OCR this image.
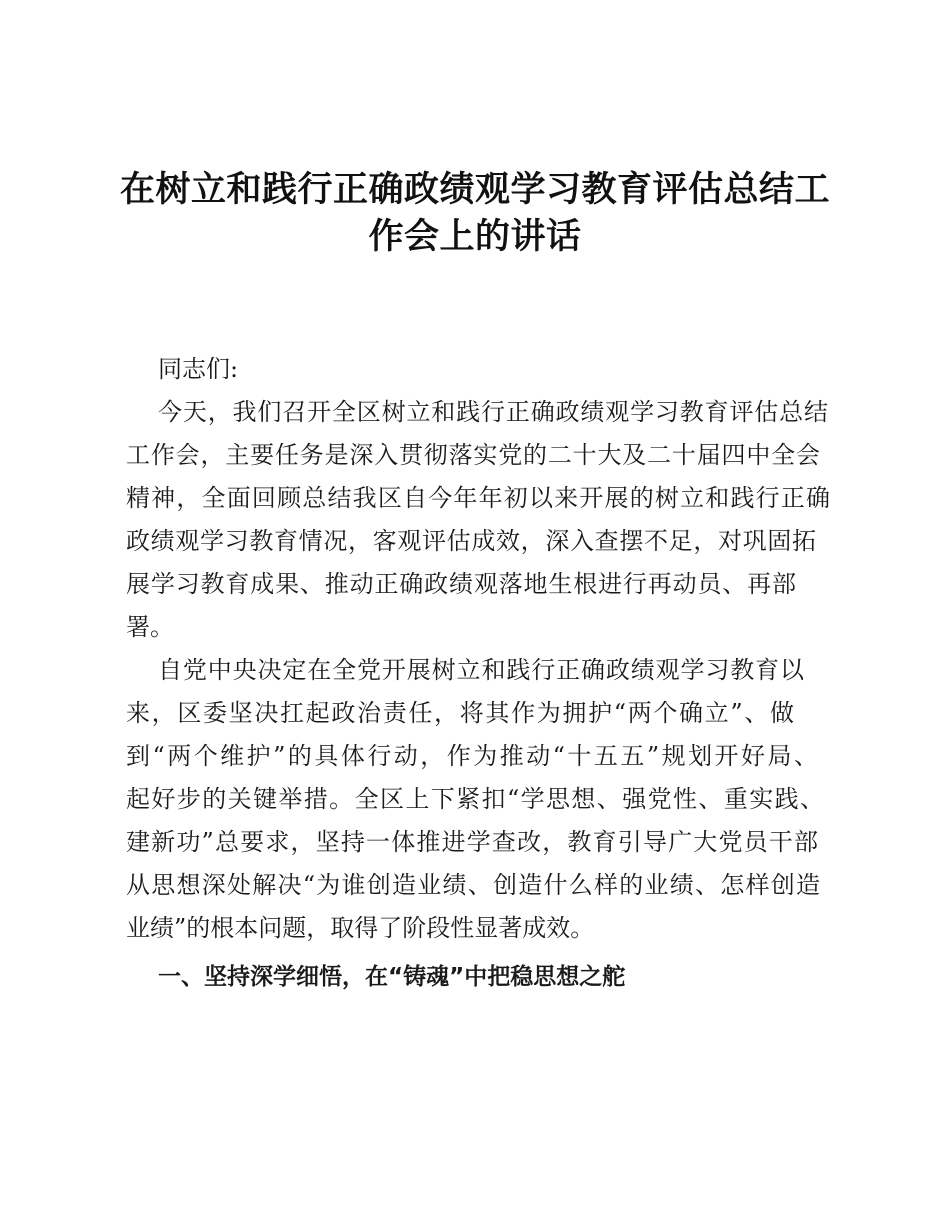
在树立和践行正确政绩观学习教育评估总结工
作会上的讲话

同志们:

今天，我们召开全区树立和践行正确政绩观学习教育评估总结

工作会，主要任务是深入贯彻落实党的二十大及二十届四中全会

精神，全面回顾总结我区自今年年初以来开展的树立和践行正确

政绩观学习教育情况，客观评估成效，深入查摆不足，对巩固拓

展学习教育成果、推动正确政绩观落地生根进行再动员、再部

署。

自党中央决定在全党开展树立和践行正确政绩观学习教育以

来，区委坚决扛起政治责任，将其作为拥护“两个确立”、做

到“两个维护”的具体行动，作为推动“十五五”规划开好局、

起好步的关键举措。全区上下紧扣“学思想、强党性、重实践、

建新功”总要求，坚持一体推进学查改，教育引导广大党员干部

从思想深处解决“为谁创造业绩、创造什么样的业绩、怎样创造

业绩”的根本问题，取得了阶段性显著成效。

一、坚持深学细悟，在“铸魂”中把稳思想之舵
